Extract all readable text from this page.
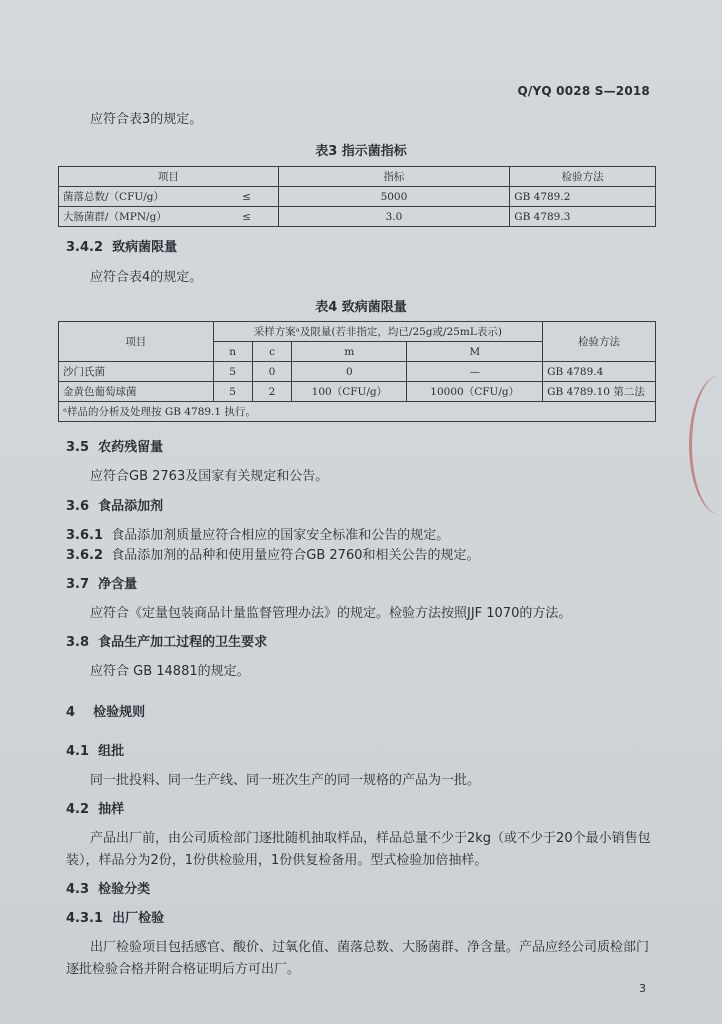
Q/YQ 0028 S—2018
应符合表3的规定。
表3 指示菌指标
项目		指标	检验方法
菌落总数/（CFU/g）	≤	5000	GB 4789.2
大肠菌群/（MPN/g）	≤	3.0	GB 4789.3
3.4.2 致病菌限量
应符合表4的规定。
表4 致病菌限量
项目	采样方案ᵃ及限量(若非指定，均已/25g或/25mL表示)				检验方法
	n	c	m	M	
沙门氏菌	5	0	0	—	GB 4789.4
金黄色葡萄球菌	5	2	100（CFU/g）	10000（CFU/g）	GB 4789.10 第二法
ᵃ样品的分析及处理按 GB 4789.1 执行。					
3.5 农药残留量
应符合GB 2763及国家有关规定和公告。
3.6 食品添加剂
3.6.1 食品添加剂质量应符合相应的国家安全标准和公告的规定。
3.6.2 食品添加剂的品种和使用量应符合GB 2760和相关公告的规定。
3.7 净含量
应符合《定量包装商品计量监督管理办法》的规定。检验方法按照JJF 1070的方法。
3.8 食品生产加工过程的卫生要求
应符合 GB 14881的规定。
4 检验规则
4.1 组批
同一批投料、同一生产线、同一班次生产的同一规格的产品为一批。
4.2 抽样
产品出厂前，由公司质检部门逐批随机抽取样品，样品总量不少于2kg（或不少于20个最小销售包
装），样品分为2份，1份供检验用，1份供复检备用。型式检验加倍抽样。
4.3 检验分类
4.3.1 出厂检验
出厂检验项目包括感官、酸价、过氧化值、菌落总数、大肠菌群、净含量。产品应经公司质检部门
逐批检验合格并附合格证明后方可出厂。
3
